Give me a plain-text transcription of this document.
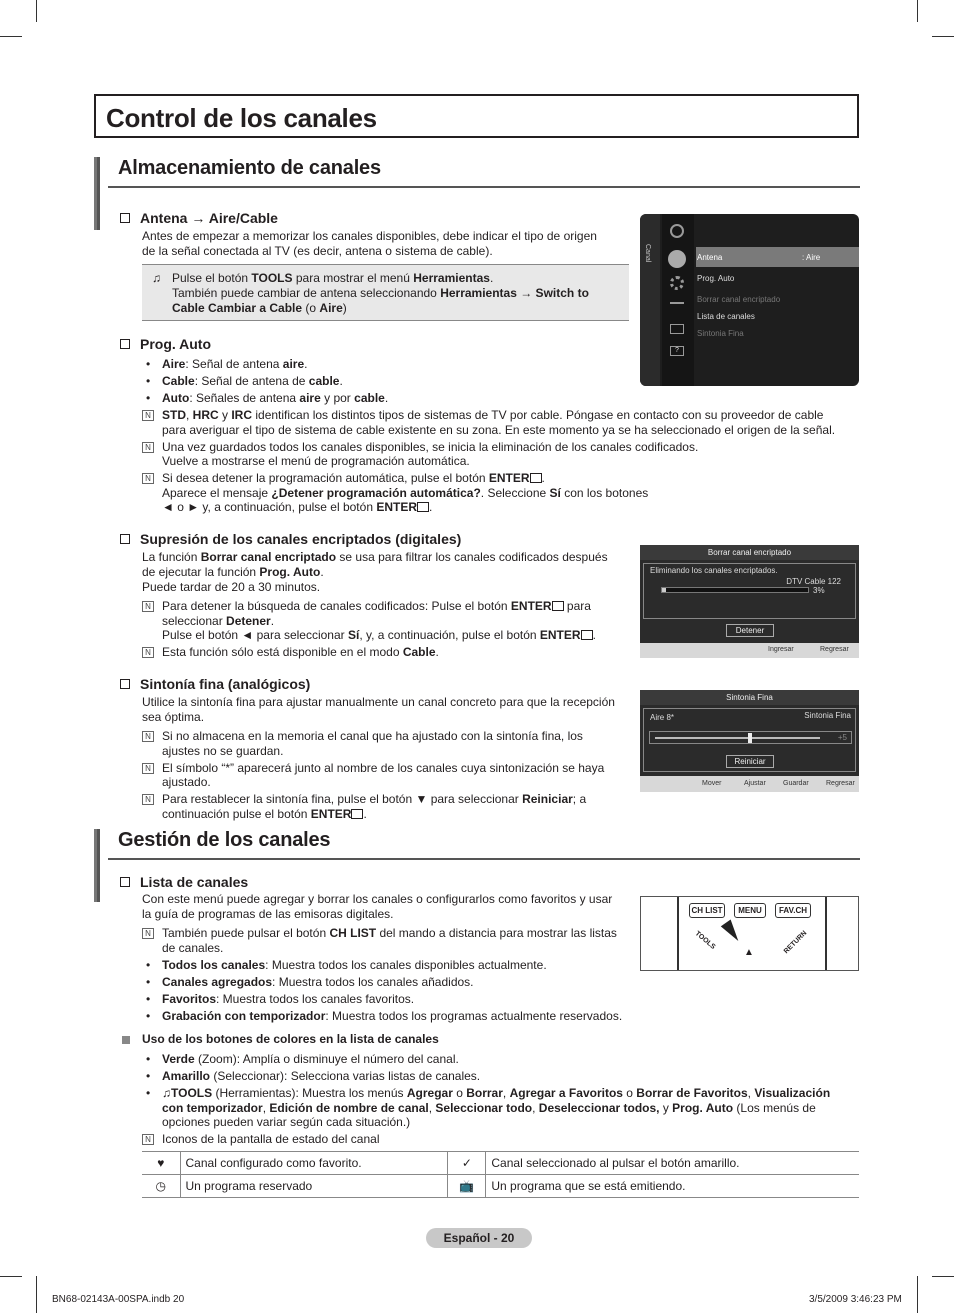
Control de los canales
Almacenamiento de canales
Antena → Aire/Cable
Antes de empezar a memorizar los canales disponibles, debe indicar el tipo de origen
de la señal conectada al TV (es decir, antena o sistema de cable).
♫ Pulse el botón TOOLS para mostrar el menú Herramientas.
También puede cambiar de antena seleccionando Herramientas → Switch to
Cable Cambiar a Cable (o Aire)
Canal
?
Antena	: Aire
Prog. Auto
Borrar canal encriptado
Lista de canales
Sintonia Fina
Prog. Auto
• Aire: Señal de antena aire.
• Cable: Señal de antena de cable.
• Auto: Señales de antena aire y por cable.
N STD, HRC y IRC identifican los distintos tipos de sistemas de TV por cable. Póngase en contacto con su proveedor de cable
para averiguar el tipo de sistema de cable existente en su zona. En este momento ya se ha seleccionado el origen de la señal.
N Una vez guardados todos los canales disponibles, se inicia la eliminación de los canales codificados.
Vuelve a mostrarse el menú de programación automática.
N Si desea detener la programación automática, pulse el botón ENTER .
Aparece el mensaje ¿Detener programación automática?. Seleccione Sí con los botones
◄ o ► y, a continuación, pulse el botón ENTER .
Supresión de los canales encriptados (digitales)
La función Borrar canal encriptado se usa para filtrar los canales codificados después
de ejecutar la función Prog. Auto.
Puede tardar de 20 a 30 minutos.
N Para detener la búsqueda de canales codificados: Pulse el botón ENTER para
seleccionar Detener.
Pulse el botón ◄ para seleccionar Sí, y, a continuación, pulse el botón ENTER .
N Esta función sólo está disponible en el modo Cable.
Borrar canal encriptado
Eliminando los canales encriptados.
DTV Cable 122
3%
Detener
Ingresar	Regresar
Sintonía fina (analógicos)
Utilice la sintonía fina para ajustar manualmente un canal concreto para que la recepción
sea óptima.
N Si no almacena en la memoria el canal que ha ajustado con la sintonía fina, los
ajustes no se guardan.
N El símbolo “*” aparecerá junto al nombre de los canales cuya sintonización se haya
ajustado.
N Para restablecer la sintonía fina, pulse el botón ▼ para seleccionar Reiniciar; a
continuación pulse el botón ENTER .
Sintonia Fina
Aire 8*	Sintonia Fina
+5
Reiniciar
Mover	Ajustar Guardar Regresar
Gestión de los canales
Lista de canales
Con este menú puede agregar y borrar los canales o configurarlos como favoritos y usar
la guía de programas de las emisoras digitales.
N También puede pulsar el botón CH LIST del mando a distancia para mostrar las listas
de canales.
• Todos los canales: Muestra todos los canales disponibles actualmente.
• Canales agregados: Muestra todos los canales añadidos.
• Favoritos: Muestra todos los canales favoritos.
• Grabación con temporizador: Muestra todos los programas actualmente reservados.
CH LIST	MENU	FAV.CH
TOOLS	RETURN
▲
Uso de los botones de colores en la lista de canales
• Verde (Zoom): Amplía o disminuye el número del canal.
• Amarillo (Seleccionar): Selecciona varias listas de canales.
• ♫TOOLS (Herramientas): Muestra los menús Agregar o Borrar, Agregar a Favoritos o Borrar de Favoritos, Visualización
con temporizador, Edición de nombre de canal, Seleccionar todo, Deseleccionar todos, y Prog. Auto (Los menús de
opciones pueden variar según cada situación.)
N Iconos de la pantalla de estado del canal
♥	Canal configurado como favorito.	✓	Canal seleccionado al pulsar el botón amarillo.
◷	Un programa reservado	📺	Un programa que se está emitiendo.
Español - 20
BN68-02143A-00SPA.indb 20	3/5/2009 3:46:23 PM
